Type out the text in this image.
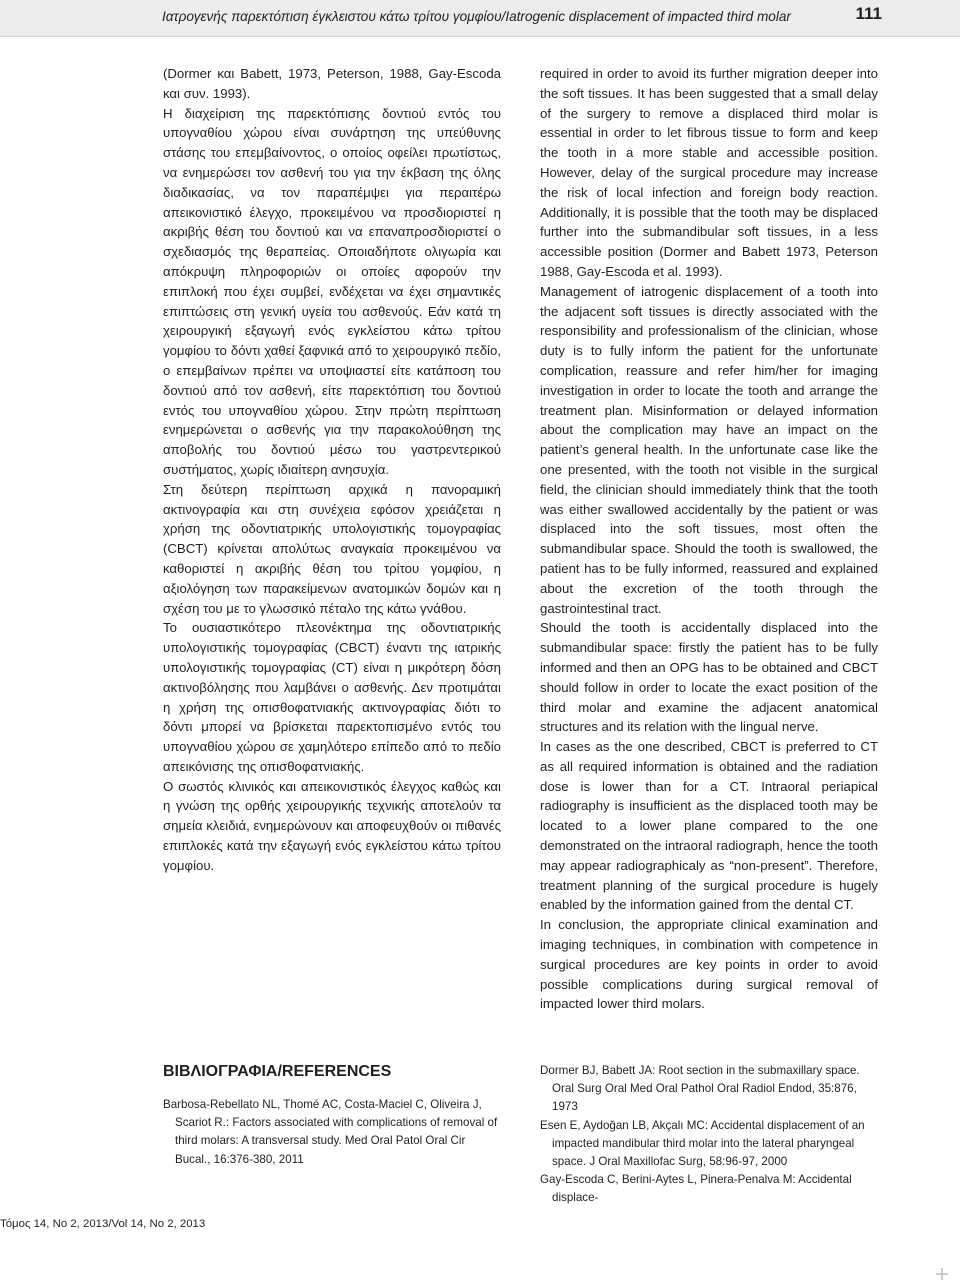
Ιατρογενής παρεκτόπιση έγκλειστου κάτω τρίτου γομφίου/Iatrogenic displacement of impacted third molar	111

(Dormer και Babett, 1973, Peterson, 1988, Gay-Escoda και συν. 1993).

Η διαχείριση της παρεκτόπισης δοντιού εντός του υπογναθίου χώρου είναι συνάρτηση της υπεύθυνης στάσης του επεμβαίνοντος, ο οποίος οφείλει πρωτίστως, να ενημερώσει τον ασθενή του για την έκβαση της όλης διαδικασίας, να τον παραπέμψει για περαιτέρω απεικονιστικό έλεγχο, προκειμένου να προσδιοριστεί η ακριβής θέση του δοντιού και να επαναπροσδιοριστεί ο σχεδιασμός της θεραπείας. Οποιαδήποτε ολιγωρία και απόκρυψη πληροφοριών οι οποίες αφορούν την επιπλοκή που έχει συμβεί, ενδέχεται να έχει σημαντικές επιπτώσεις στη γενική υγεία του ασθενούς. Εάν κατά τη χειρουργική εξαγωγή ενός εγκλείστου κάτω τρίτου γομφίου το δόντι χαθεί ξαφνικά από το χειρουργικό πεδίο, ο επεμβαίνων πρέπει να υποψιαστεί είτε κατάποση του δοντιού από τον ασθενή, είτε παρεκτόπιση του δοντιού εντός του υπογναθίου χώρου. Στην πρώτη περίπτωση ενημερώνεται ο ασθενής για την παρακολούθηση της αποβολής του δοντιού μέσω του γαστρεντερικού συστήματος, χωρίς ιδιαίτερη ανησυχία.

Στη δεύτερη περίπτωση αρχικά η πανοραμική ακτινογραφία και στη συνέχεια εφόσον χρειάζεται η χρήση της οδοντιατρικής υπολογιστικής τομογραφίας (CBCT) κρίνεται απολύτως αναγκαία προκειμένου να καθοριστεί η ακριβής θέση του τρίτου γομφίου, η αξιολόγηση των παρακείμενων ανατομικών δομών και η σχέση του με το γλωσσικό πέταλο της κάτω γνάθου.

Το ουσιαστικότερο πλεονέκτημα της οδοντιατρικής υπολογιστικής τομογραφίας (CBCT) έναντι της ιατρικής υπολογιστικής τομογραφίας (CT) είναι η μικρότερη δόση ακτινοβόλησης που λαμβάνει ο ασθενής. Δεν προτιμάται η χρήση της οπισθοφατνιακής ακτινογραφίας διότι το δόντι μπορεί να βρίσκεται παρεκτοπισμένο εντός του υπογναθίου χώρου σε χαμηλότερο επίπεδο από το πεδίο απεικόνισης της οπισθοφατνιακής.

Ο σωστός κλινικός και απεικονιστικός έλεγχος καθώς και η γνώση της ορθής χειρουργικής τεχνικής αποτελούν τα σημεία κλειδιά, ενημερώνουν και αποφευχθούν οι πιθανές επιπλοκές κατά την εξαγωγή ενός εγκλείστου κάτω τρίτου γομφίου.

required in order to avoid its further migration deeper into the soft tissues. It has been suggested that a small delay of the surgery to remove a displaced third molar is essential in order to let fibrous tissue to form and keep the tooth in a more stable and accessible position. However, delay of the surgical procedure may increase the risk of local infection and foreign body reaction. Additionally, it is possible that the tooth may be displaced further into the submandibular soft tissues, in a less accessible position (Dormer and Babett 1973, Peterson 1988, Gay-Escoda et al. 1993).

Management of iatrogenic displacement of a tooth into the adjacent soft tissues is directly associated with the responsibility and professionalism of the clinician, whose duty is to fully inform the patient for the unfortunate complication, reassure and refer him/her for imaging investigation in order to locate the tooth and arrange the treatment plan. Misinformation or delayed information about the complication may have an impact on the patient’s general health. In the unfortunate case like the one presented, with the tooth not visible in the surgical field, the clinician should immediately think that the tooth was either swallowed accidentally by the patient or was displaced into the soft tissues, most often the submandibular space. Should the tooth is swallowed, the patient has to be fully informed, reassured and explained about the excretion of the tooth through the gastrointestinal tract.

Should the tooth is accidentally displaced into the submandibular space: firstly the patient has to be fully informed and then an OPG has to be obtained and CBCT should follow in order to locate the exact position of the third molar and examine the adjacent anatomical structures and its relation with the lingual nerve.

In cases as the one described, CBCT is preferred to CT as all required information is obtained and the radiation dose is lower than for a CT. Intraoral periapical radiography is insufficient as the displaced tooth may be located to a lower plane compared to the one demonstrated on the intraoral radiograph, hence the tooth may appear radiographicaly as “non-present”. Therefore, treatment planning of the surgical procedure is hugely enabled by the information gained from the dental CT.

In conclusion, the appropriate clinical examination and imaging techniques, in combination with competence in surgical procedures are key points in order to avoid possible complications during surgical removal of impacted lower third molars.

ΒΙΒΛΙΟΓΡΑΦΙΑ/REFERENCES

Barbosa-Rebellato NL, Thomé AC, Costa-Maciel C, Oliveira J, Scariot R.: Factors associated with complications of removal of third molars: A transversal study. Med Oral Patol Oral Cir Bucal., 16:376-380, 2011

Dormer BJ, Babett JA: Root section in the submaxillary space. Oral Surg Oral Med Oral Pathol Oral Radiol Endod, 35:876, 1973

Esen E, Aydoğan LB, Akçalı MC: Accidental displacement of an impacted mandibular third molar into the lateral pharyngeal space. J Oral Maxillofac Surg, 58:96-97, 2000

Gay-Escoda C, Berini-Aytes L, Pinera-Penalva M: Accidental displace-

Τόμος 14, No 2, 2013/Vol 14, No 2, 2013
